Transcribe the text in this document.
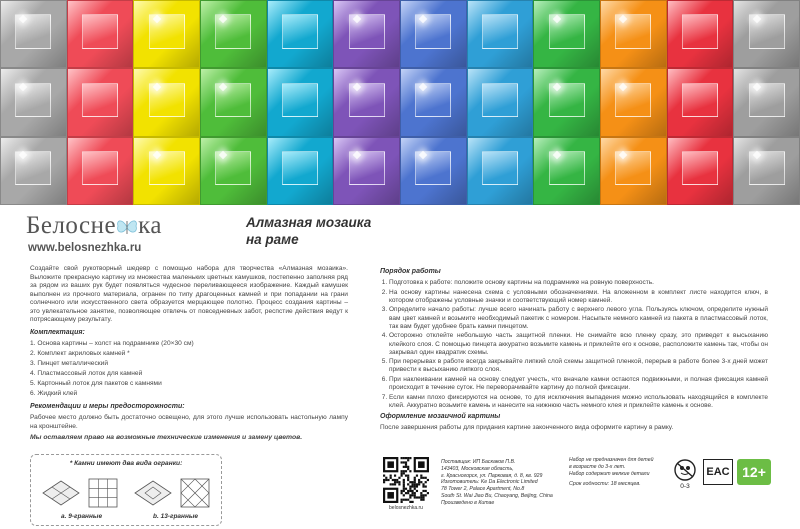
Белосне ка
www.belosnezhka.ru
Алмазная мозаика
на раме

Создайте свой рукотворный шедевр с помощью набора для творчества «Алмазная мозаика». Выложите прекрасную картину из множества маленьких цветных камушков, постепенно заполняя ряд за рядом из ваших рук будет появляться чудесное переливающееся изображение. Каждый камушек выполнен из прочного материала, огранен по типу драгоценных камней и при попадании на грани солнечного или искусственного света образуется мерцающее полотно. Процесс создания картины – это увлекательное занятие, позволяющее отвлечь от повседневных забот, респстие действия ведут к потрясающему результату.

Комплектация:
1. Основа картины – холст на подрамнике (20×30 см)
2. Комплект акриловых камней *
3. Пинцет металлический
4. Пластмассовый лоток для камней
5. Картонный лоток для пакетов с камнями
6. Жидкий клей
Рекомендации и меры предосторожности:

Рабочее место должно быть достаточно освещено, для этого лучше использовать настольную лампу на кронштейне.

Мы оставляем право на возможные технические изменения и замену цветов.

* Камни имеют два вида огранки:
a. 9-гранные	b. 13-гранные
Порядок работы
1. Подготовка к работе: положите основу картины на подрамнике на ровную поверхность.
2. На основу картины нанесена схема с условными обозначениями. На вложенном в комплект листе находится ключ, в котором отображены условные значки и соответствующий номер камней.
3. Определите начало работы: лучше всего начинать работу с верхнего левого угла. Пользуясь ключом, определите нужный вам цвет камней и возьмите необходимый пакетик с номером. Насыпьте немного камней из пакета в пластмассовый лоток, так вам будет удобнее брать камни пинцетом.
4. Осторожно отклейте небольшую часть защитной пленки. Не снимайте всю пленку сразу, это приведет к высыханию клейкого слоя. С помощью пинцета аккуратно возьмите камень и приклейте его к основе, расположите камень так, чтобы он закрывал один квадратик схемы.
5. При перерывах в работе всегда закрывайте липкий слой схемы защитной пленкой, перерыв в работе более 3-х дней может привести к высыханию липкого слоя.
6. При наклеивании камней на основу следует учесть, что вначале камни остаются подвижными, и полная фиксация камней происходит в течение суток. Не переворачивайте картину до полной фиксации.
7. Если камни плохо фиксируются на основе, то для исключения выпадения можно использовать находящийся в комплекте клей. Аккуратно возьмите камень и нанесите на нижнюю часть немного клея и приклейте камень к основе.
Оформление мозаичной картины

После завершения работы для придания картине законченного вида оформите картину в рамку.

belosnezhka.ru
Поставщик: ИП Баскаков П.В.
143403, Московская область,
г. Красногорск, ул. Парковая, д. 8, кв. 929
Изготовитель: Ke Da Electronic Limited
78 Tower 2, Palace Apartment, No.8
South St. Wai Jiao Bu, Chaoyang, Beijing, China
Произведено в Китае
Набор не предназначен для детей
в возрасте до 3-х лет.
Набор содержит мелкие детали
Срок годности: 18 месяцев.	0-3
EAC 12+
